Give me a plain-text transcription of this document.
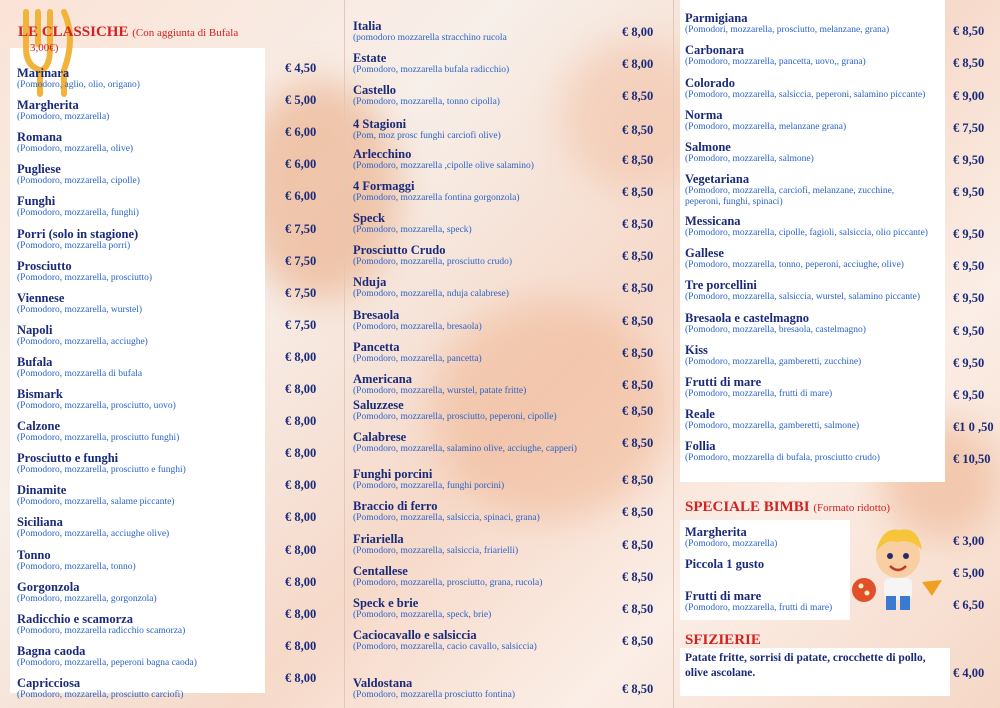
LE CLASSICHE (Con aggiunta di Bufala
3,00€)
Marinara
(Pomodoro, aglio, olio, origano)
€ 4,50
Margherita
(Pomodoro, mozzarella)
€ 5,00
Romana
(Pomodoro, mozzarella, olive)
€ 6,00
Pugliese
(Pomodoro, mozzarella, cipolle)
€ 6,00
Funghi
(Pomodoro, mozzarella, funghi)
€ 6,00
Porri (solo in stagione)
(Pomodoro, mozzarella porri)
€ 7,50
Prosciutto
(Pomodoro, mozzarella, prosciutto)
€ 7,50
Viennese
(Pomodoro, mozzarella, wurstel)
€ 7,50
Napoli
(Pomodoro, mozzarella, acciughe)
€ 7,50
Bufala
(Pomodoro, mozzarella di bufala
€ 8,00
Bismark
(Pomodoro, mozzarella, prosciutto, uovo)
€ 8,00
Calzone
(Pomodoro, mozzarella, prosciutto funghi)
€ 8,00
Prosciutto e funghi
(Pomodoro, mozzarella, prosciutto e funghi)
€ 8,00
Dinamite
(Pomodoro, mozzarella, salame piccante)
€ 8,00
Siciliana
(Pomodoro, mozzarella, acciughe olive)
€ 8,00
Tonno
(Pomodoro, mozzarella, tonno)
€ 8,00
Gorgonzola
(Pomodoro, mozzarella, gorgonzola)
€ 8,00
Radicchio e scamorza
(Pomodoro, mozzarella radicchio scamorza)
€ 8,00
Bagna caoda
(Pomodoro, mozzarella, peperoni bagna caoda)
€ 8,00
Capricciosa
(Pomodoro, mozzarella, prosciutto carciofi)
€ 8,00
Italia
(pomodoro mozzarella stracchino rucola	€ 8,00
Estate
(Pomodoro, mozzarella bufala radicchio)	€ 8,00
Castello
(Pomodoro, mozzarella, tonno cipolla)	€ 8,50
4 Stagioni
(Pom, moz prosc funghi carciofi olive)	€ 8,50
Arlecchino
(Pomodoro, mozzarella ,cipolle olive salamino)	€ 8,50
4 Formaggi
(Pomodoro, mozzarella fontina gorgonzola)	€ 8,50
Speck
(Pomodoro, mozzarella, speck)	€ 8,50
Prosciutto Crudo
(Pomodoro, mozzarella, prosciutto crudo)	€ 8,50
Nduja
(Pomodoro, mozzarella, nduja calabrese)	€ 8,50
Bresaola
(Pomodoro, mozzarella, bresaola)	€ 8,50
Pancetta
(Pomodoro, mozzarella, pancetta)	€ 8,50
Americana
(Pomodoro, mozzarella, wurstel, patate fritte)	€ 8,50
Saluzzese
(Pomodoro, mozzarella, prosciutto, peperoni, cipolle)	€ 8,50
Calabrese
(Pomodoro, mozzarella, salamino olive, acciughe, capperi)	€ 8,50
Funghi porcini
(Pomodoro, mozzarella, funghi porcini)	€ 8,50
Braccio di ferro
(Pomodoro, mozzarella, salsiccia, spinaci, grana)	€ 8,50
Friariella
(Pomodoro, mozzarella, salsiccia, friarielli)	€ 8,50
Centallese
(Pomodoro, mozzarella, prosciutto, grana, rucola)	€ 8,50
Speck e brie
(Pomodoro, mozzarella, speck, brie)	€ 8,50
Caciocavallo e salsiccia
(Pomodoro, mozzarella, cacio cavallo, salsiccia)	€ 8,50
Valdostana
(Pomodoro, mozzarella prosciutto fontina)	€ 8,50
Parmigiana
(Pomodori, mozzarella, prosciutto, melanzane, grana)	€ 8,50
Carbonara
(Pomodoro, mozzarella, pancetta, uovo,, grana)	€ 8,50
Colorado
(Pomodoro, mozzarella, salsiccia, peperoni, salamino piccante) € 9,00
Norma
(Pomodoro, mozzarella, melanzane grana)	€ 7,50
Salmone
(Pomodoro, mozzarella, salmone)	€ 9,50
Vegetariana
(Pomodoro, mozzarella, carciofi, melanzane, zucchine,
peperoni, funghi, spinaci)
€ 9,50
Messicana
(Pomodoro, mozzarella, cipolle, fagioli, salsiccia, olio piccante) € 9,50
Gallese
(Pomodoro, mozzarella, tonno, peperoni, acciughe, olive)	€ 9,50
Tre porcellini
(Pomodoro, mozzarella, salsiccia, wurstel, salamino piccante)	€ 9,50
Bresaola e castelmagno
(Pomodoro, mozzarella, bresaola, castelmagno)	€ 9,50
Kiss
(Pomodoro, mozzarella, gamberetti, zucchine)	€ 9,50
Frutti di mare
(Pomodoro, mozzarella, frutti di mare)	€ 9,50
Reale
(Pomodoro, mozzarella, gamberetti, salmone)	€1 0 ,50
Follia
(Pomodoro, mozzarella di bufala, prosciutto crudo)	€ 10,50
SPECIALE BIMBI (Formato ridotto)
Margherita
(Pomodoro, mozzarella)	€ 3,00
Piccola 1 gusto
€ 5,00
Frutti di mare
(Pomodoro, mozzarella, frutti di mare)	€ 6,50
SFIZIERIE
Patate fritte, sorrisi di patate, crocchette di pollo,
olive ascolane.	€ 4,00
